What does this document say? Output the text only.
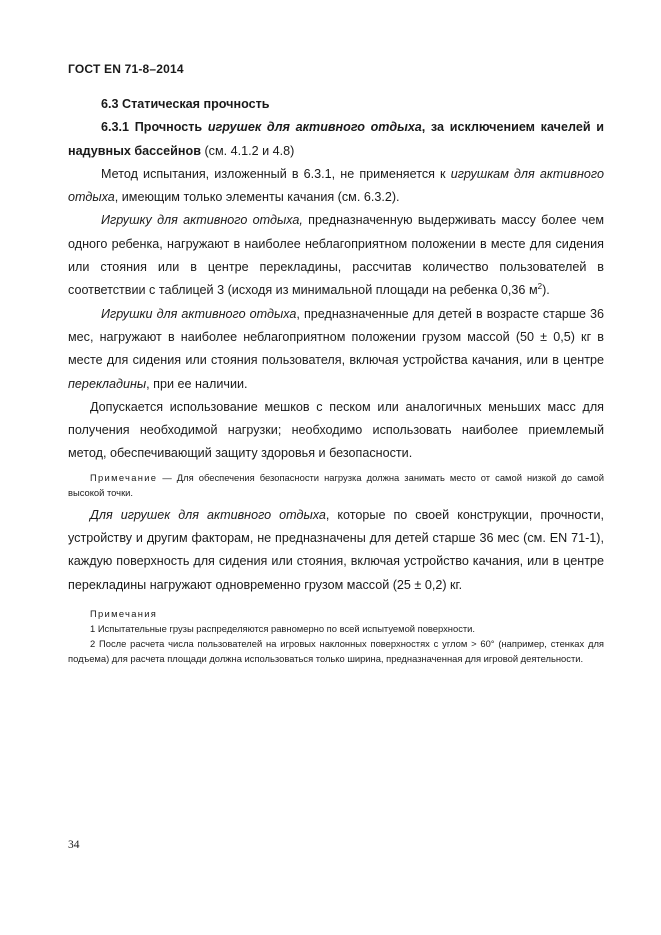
ГОСТ EN 71-8–2014

6.3 Статическая прочность

6.3.1 Прочность игрушек для активного отдыха, за исключением качелей и надувных бассейнов (см. 4.1.2 и 4.8)

Метод испытания, изложенный в 6.3.1, не применяется к игрушкам для активного отдыха, имеющим только элементы качания (см. 6.3.2).

Игрушку для активного отдыха, предназначенную выдерживать массу более чем одного ребенка, нагружают в наиболее неблагоприятном положении в месте для сидения или стояния или в центре перекладины, рассчитав количество пользователей в соответствии с таблицей 3 (исходя из минимальной площади на ребенка 0,36 $м^2$).

Игрушки для активного отдыха, предназначенные для детей в возрасте старше 36 мес, нагружают в наиболее неблагоприятном положении грузом массой (50 ± 0,5) кг в месте для сидения или стояния пользователя, включая устройства качания, или в центре перекладины, при ее наличии.

Допускается использование мешков с песком или аналогичных меньших масс для получения необходимой нагрузки; необходимо использовать наиболее приемлемый метод, обеспечивающий защиту здоровья и безопасности.

Примечание — Для обеспечения безопасности нагрузка должна занимать место от самой низкой до самой высокой точки.

Для игрушек для активного отдыха, которые по своей конструкции, прочности, устройству и другим факторам, не предназначены для детей старше 36 мес (см. EN 71-1), каждую поверхность для сидения или стояния, включая устройство качания, или в центре перекладины нагружают одновременно грузом массой (25 ± 0,2) кг.

Примечания

1 Испытательные грузы распределяются равномерно по всей испытуемой поверхности.

2 После расчета числа пользователей на игровых наклонных поверхностях с углом > 60° (например, стенках для подъема) для расчета площади должна использоваться только ширина, предназначенная для игровой деятельности.

34
